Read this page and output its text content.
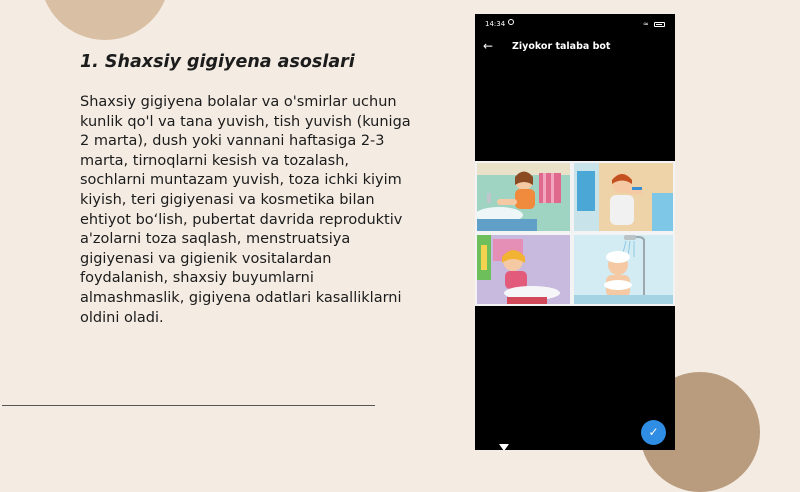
1. Shaxsiy gigiyena asoslari
Shaxsiy gigiyena bolalar va o'smirlar uchun
kunlik qo'l va tana yuvish, tish yuvish (kuniga
2 marta), dush yoki vannani haftasiga 2-3
marta, tirnoqlarni kesish va tozalash,
sochlarni muntazam yuvish, toza ichki kiyim
kiyish, teri gigiyenasi va kosmetika bilan
ehtiyot bo‘lish, pubertat davrida reproduktiv
a'zolarni toza saqlash, menstruatsiya
gigiyenasi va gigienik vositalardan
foydalanish, shaxsiy buyumlarni
almashmaslik, gigiyena odatlari kasalliklarni
oldini oladi.
14:34	≈
← Ziyokor talaba bot
✓
